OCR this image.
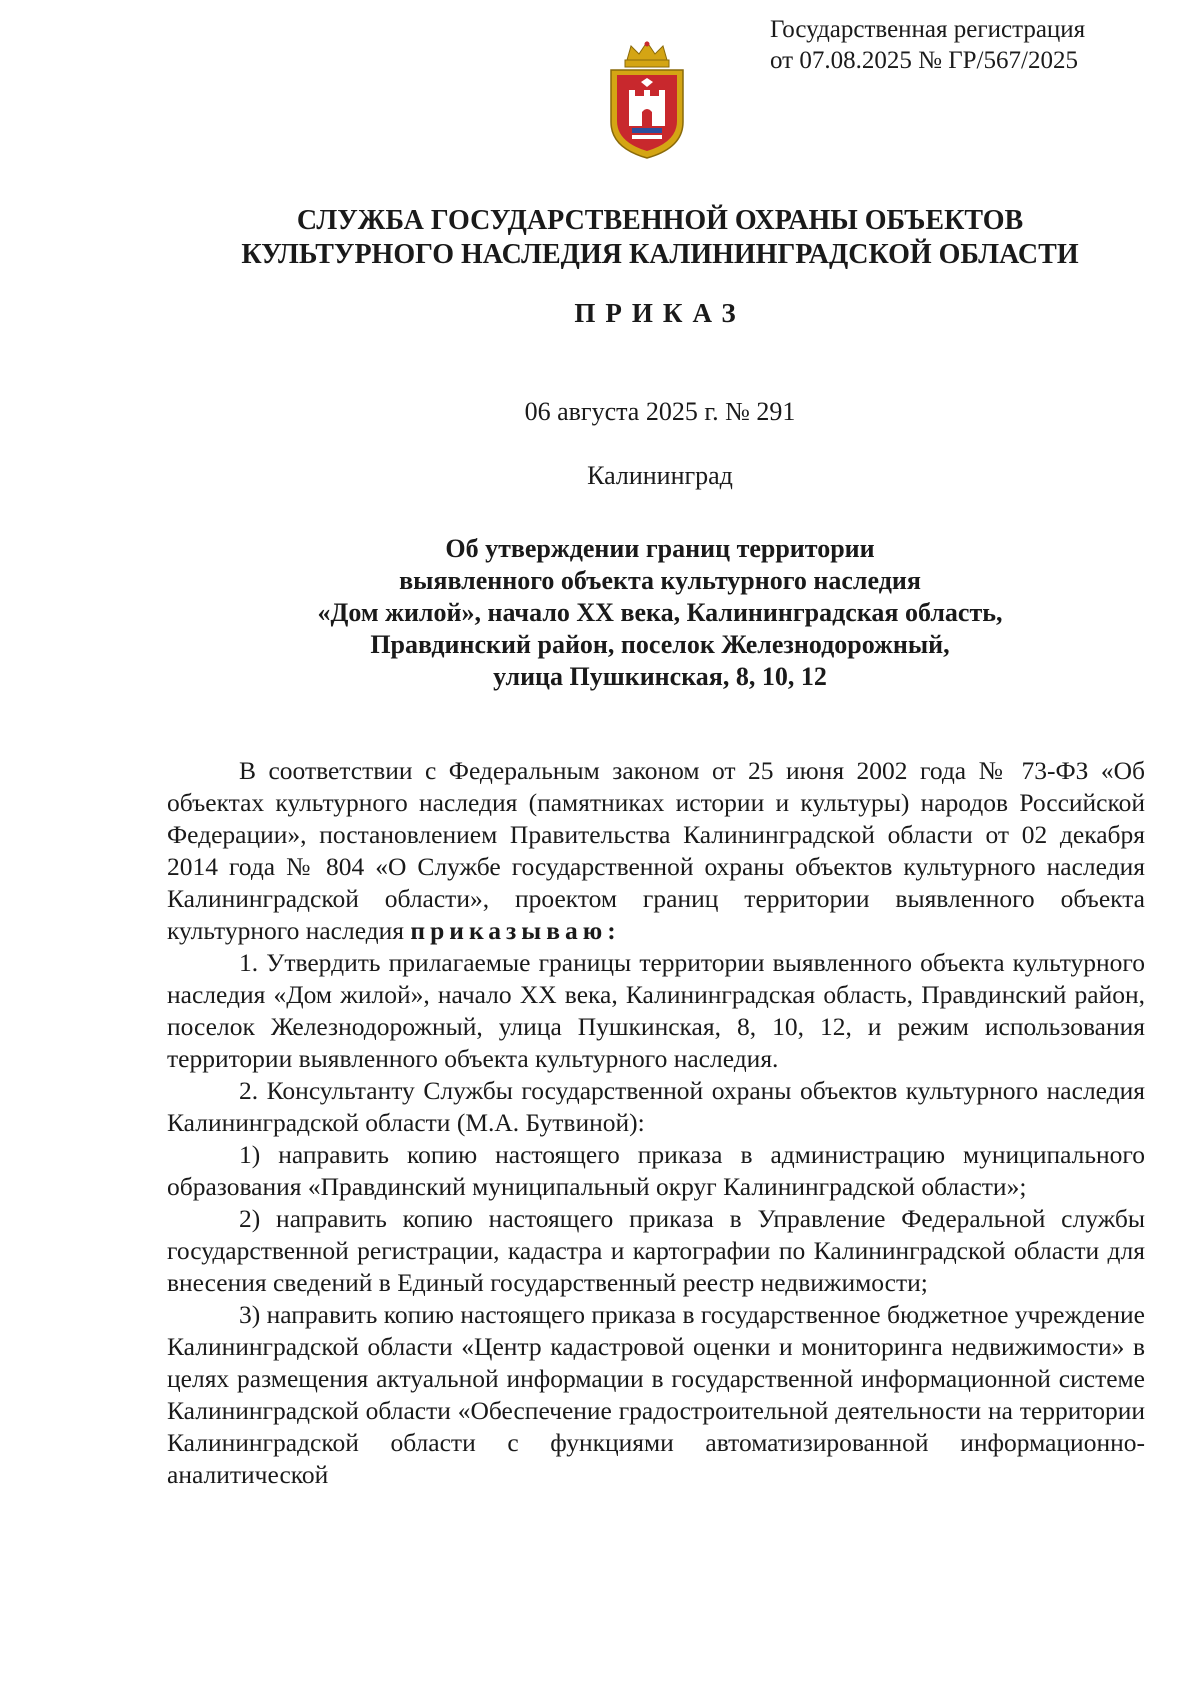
Государственная регистрация
от 07.08.2025 № ГР/567/2025
СЛУЖБА ГОСУДАРСТВЕННОЙ ОХРАНЫ ОБЪЕКТОВ
КУЛЬТУРНОГО НАСЛЕДИЯ КАЛИНИНГРАДСКОЙ ОБЛАСТИ
ПРИКАЗ
06 августа 2025 г. № 291
Калининград
Об утверждении границ территории
выявленного объекта культурного наследия
«Дом жилой», начало XX века, Калининградская область,
Правдинский район, поселок Железнодорожный,
улица Пушкинская, 8, 10, 12

В соответствии с Федеральным законом от 25 июня 2002 года № 73-ФЗ «Об объектах культурного наследия (памятниках истории и культуры) народов Российской Федерации», постановлением Правительства Калининградской области от 02 декабря 2014 года № 804 «О Службе государственной охраны объектов культурного наследия Калининградской области», проектом границ территории выявленного объекта культурного наследия приказываю:

1. Утвердить прилагаемые границы территории выявленного объекта культурного наследия «Дом жилой», начало XX века, Калининградская область, Правдинский район, поселок Железнодорожный, улица Пушкинская, 8, 10, 12, и режим использования территории выявленного объекта культурного наследия.

2. Консультанту Службы государственной охраны объектов культурного наследия Калининградской области (М.А. Бутвиной):

1) направить копию настоящего приказа в администрацию муниципального образования «Правдинский муниципальный округ Калининградской области»;

2) направить копию настоящего приказа в Управление Федеральной службы государственной регистрации, кадастра и картографии по Калининградской области для внесения сведений в Единый государственный реестр недвижимости;

3) направить копию настоящего приказа в государственное бюджетное учреждение Калининградской области «Центр кадастровой оценки и мониторинга недвижимости» в целях размещения актуальной информации в государственной информационной системе Калининградской области «Обеспечение градостроительной деятельности на территории Калининградской области с функциями автоматизированной информационно-аналитической
